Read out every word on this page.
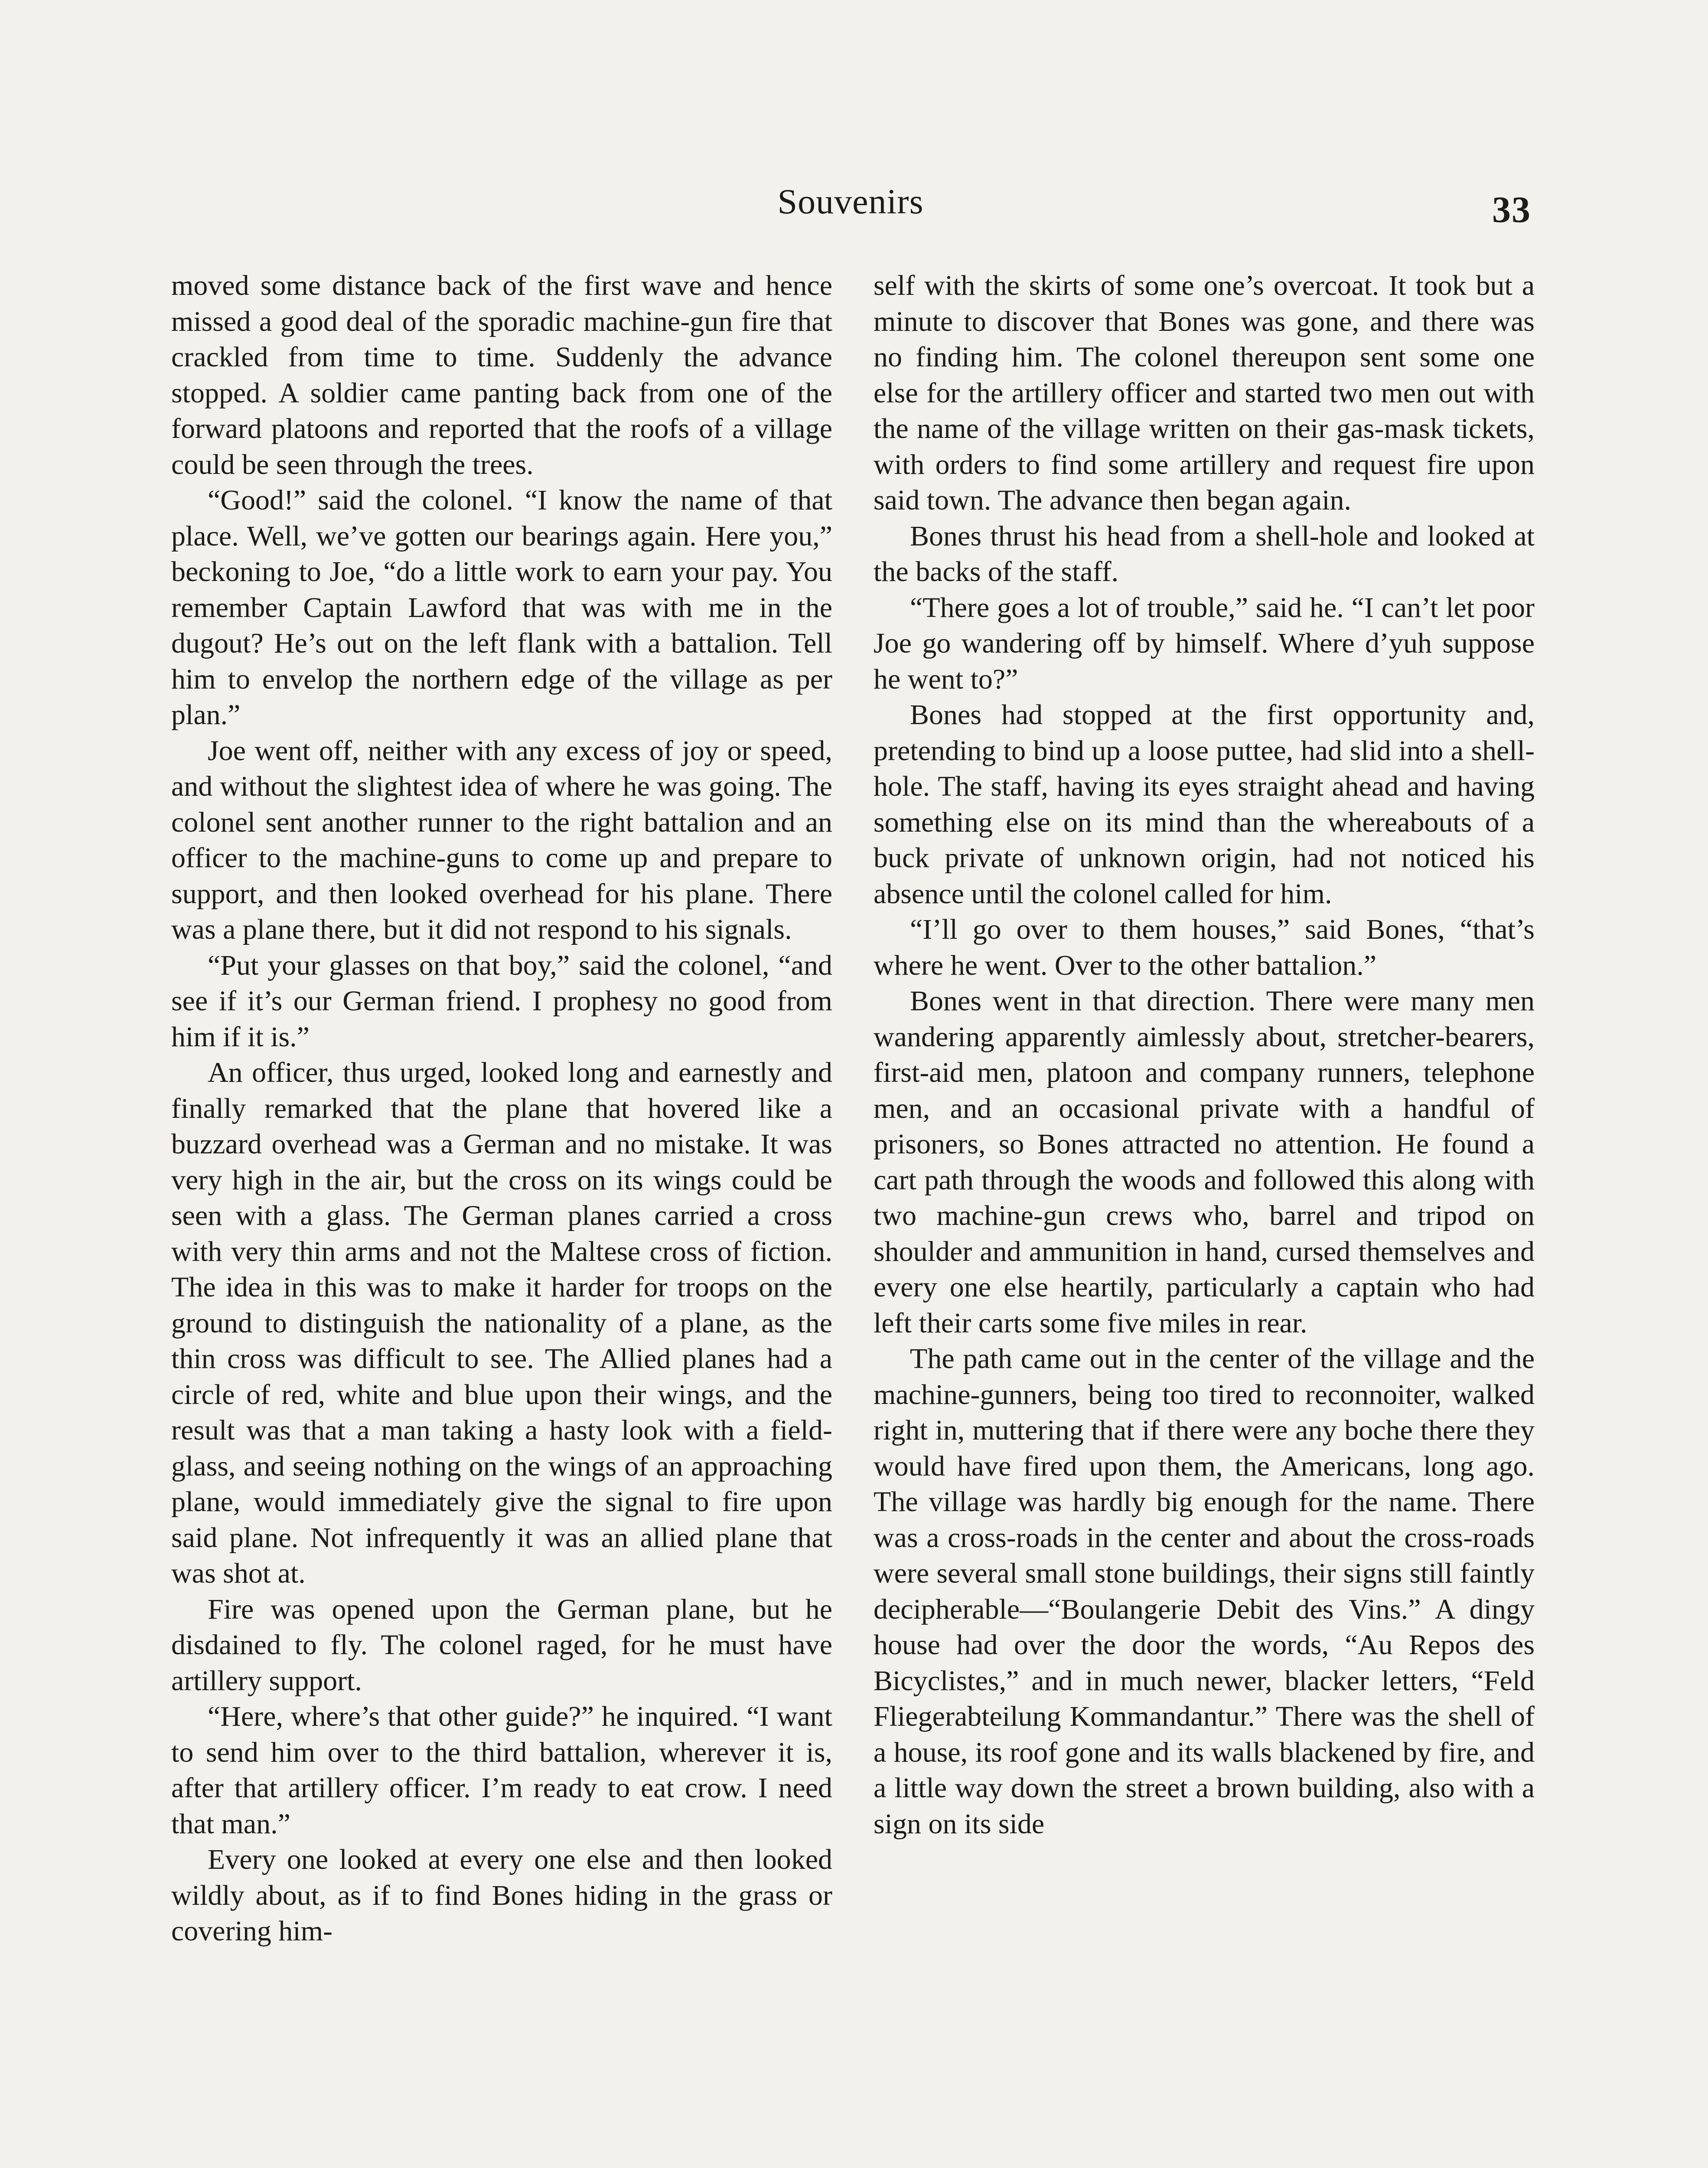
Souvenirs	33

moved some distance back of the first wave and hence missed a good deal of the sporadic machine-gun fire that crackled from time to time. Suddenly the advance stopped. A soldier came panting back from one of the forward platoons and reported that the roofs of a village could be seen through the trees.

“Good!” said the colonel. “I know the name of that place. Well, we’ve gotten our bearings again. Here you,” beckoning to Joe, “do a little work to earn your pay. You remember Captain Lawford that was with me in the dugout? He’s out on the left flank with a battalion. Tell him to envelop the northern edge of the village as per plan.”

Joe went off, neither with any excess of joy or speed, and without the slightest idea of where he was going. The colonel sent another runner to the right battalion and an officer to the machine-guns to come up and prepare to support, and then looked overhead for his plane. There was a plane there, but it did not respond to his signals.

“Put your glasses on that boy,” said the colonel, “and see if it’s our German friend. I prophesy no good from him if it is.”

An officer, thus urged, looked long and earnestly and finally remarked that the plane that hovered like a buzzard overhead was a German and no mistake. It was very high in the air, but the cross on its wings could be seen with a glass. The German planes carried a cross with very thin arms and not the Maltese cross of fiction. The idea in this was to make it harder for troops on the ground to distinguish the nationality of a plane, as the thin cross was difficult to see. The Allied planes had a circle of red, white and blue upon their wings, and the result was that a man taking a hasty look with a field-glass, and seeing nothing on the wings of an approaching plane, would immediately give the signal to fire upon said plane. Not infrequently it was an allied plane that was shot at.

Fire was opened upon the German plane, but he disdained to fly. The colonel raged, for he must have artillery support.

“Here, where’s that other guide?” he inquired. “I want to send him over to the third battalion, wherever it is, after that artillery officer. I’m ready to eat crow. I need that man.”

Every one looked at every one else and then looked wildly about, as if to find Bones hiding in the grass or covering him-

self with the skirts of some one’s overcoat. It took but a minute to discover that Bones was gone, and there was no finding him. The colonel thereupon sent some one else for the artillery officer and started two men out with the name of the village written on their gas-mask tickets, with orders to find some artillery and request fire upon said town. The advance then began again.

Bones thrust his head from a shell-hole and looked at the backs of the staff.

“There goes a lot of trouble,” said he. “I can’t let poor Joe go wandering off by himself. Where d’yuh suppose he went to?”

Bones had stopped at the first opportunity and, pretending to bind up a loose puttee, had slid into a shell-hole. The staff, having its eyes straight ahead and having something else on its mind than the whereabouts of a buck private of unknown origin, had not noticed his absence until the colonel called for him.

“I’ll go over to them houses,” said Bones, “that’s where he went. Over to the other battalion.”

Bones went in that direction. There were many men wandering apparently aimlessly about, stretcher-bearers, first-aid men, platoon and company runners, telephone men, and an occasional private with a handful of prisoners, so Bones attracted no attention. He found a cart path through the woods and followed this along with two machine-gun crews who, barrel and tripod on shoulder and ammunition in hand, cursed themselves and every one else heartily, particularly a captain who had left their carts some five miles in rear.

The path came out in the center of the village and the machine-gunners, being too tired to reconnoiter, walked right in, muttering that if there were any boche there they would have fired upon them, the Americans, long ago. The village was hardly big enough for the name. There was a cross-roads in the center and about the cross-roads were several small stone buildings, their signs still faintly decipherable—“Boulangerie Debit des Vins.” A dingy house had over the door the words, “Au Repos des Bicyclistes,” and in much newer, blacker letters, “Feld Fliegerabteilung Kommandantur.” There was the shell of a house, its roof gone and its walls blackened by fire, and a little way down the street a brown building, also with a sign on its side
